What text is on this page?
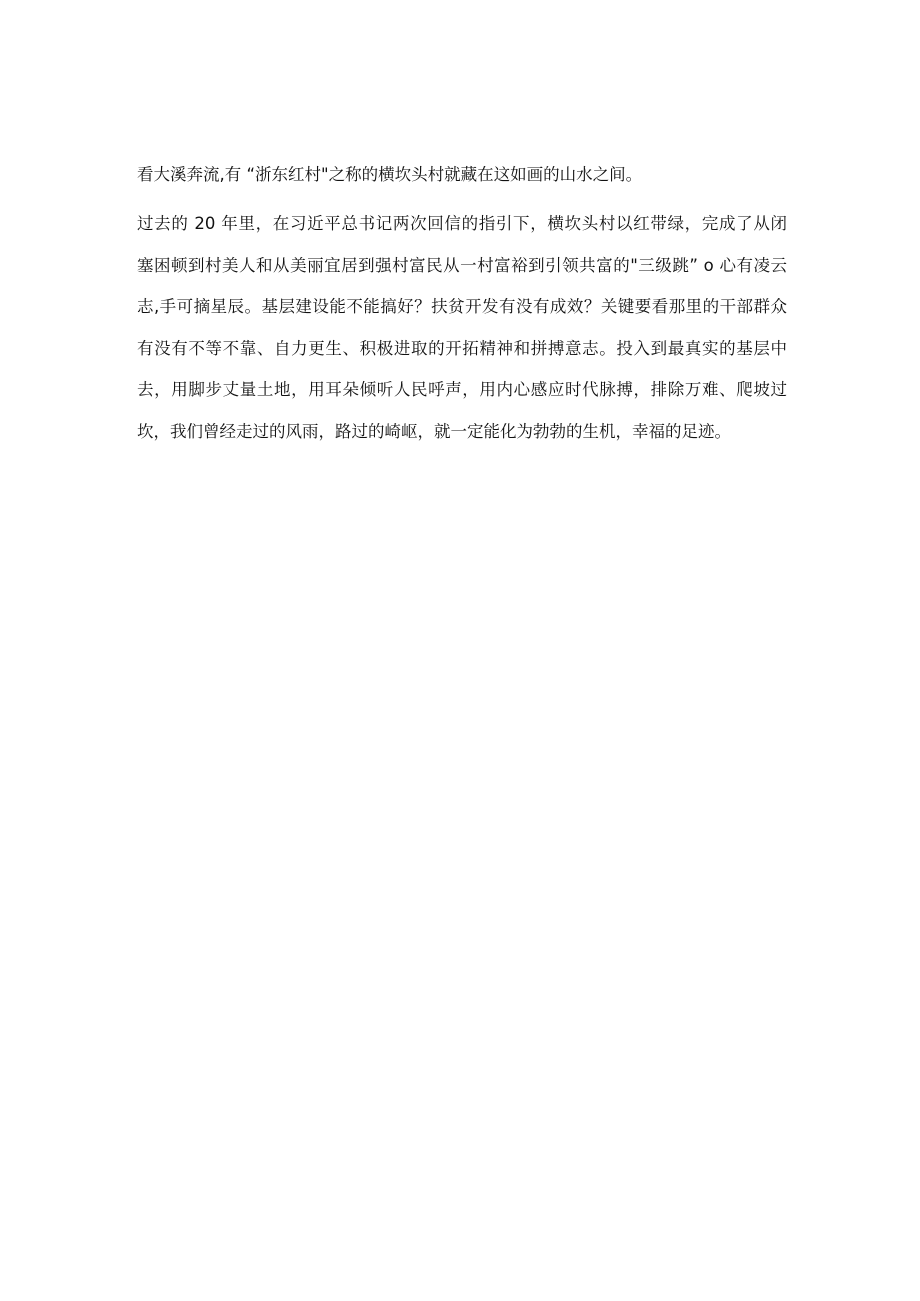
看大溪奔流,有 “浙东红村"之称的横坎头村就藏在这如画的山水之间。

过去的 20 年里，在习近平总书记两次回信的指引下，横坎头村以红带绿，完成了从闭
塞困顿到村美人和从美丽宜居到强村富民从一村富裕到引领共富的"三级跳” o 心有凌云
志,手可摘星辰。基层建设能不能搞好？扶贫开发有没有成效？关键要看那里的干部群众
有没有不等不靠、自力更生、积极进取的开拓精神和拼搏意志。投入到最真实的基层中
去，用脚步丈量土地，用耳朵倾听人民呼声，用内心感应时代脉搏，排除万难、爬坡过
坎，我们曾经走过的风雨，路过的崎岖，就一定能化为勃勃的生机，幸福的足迹。
